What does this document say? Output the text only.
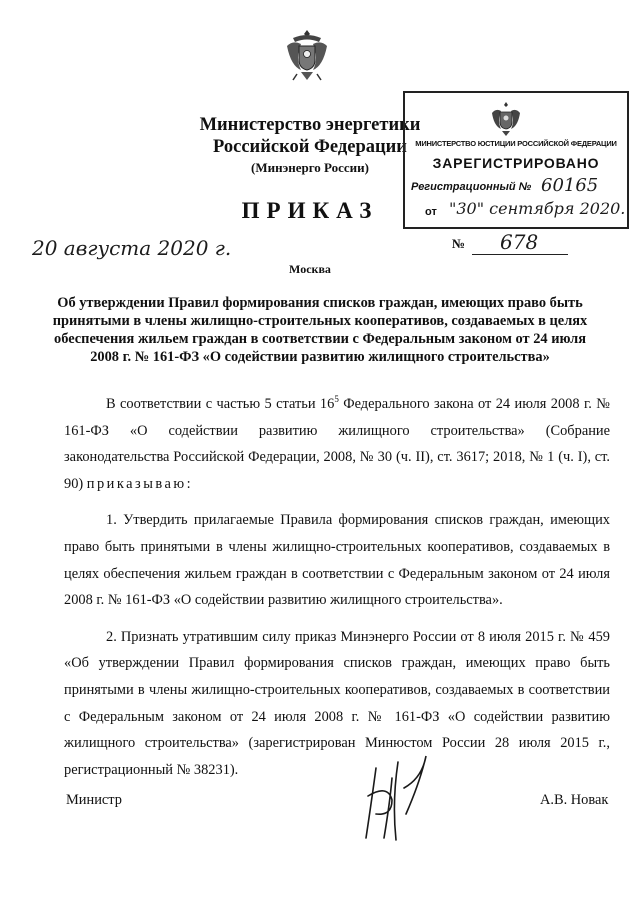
Министерство энергетики
Российской Федерации
(Минэнерго России)
ПРИКАЗ
20 августа 2020 г.
Москва
№ 678
МИНИСТЕРСТВО ЮСТИЦИИ РОССИЙСКОЙ ФЕДЕРАЦИИ
ЗАРЕГИСТРИРОВАНО
Регистрационный № 60165
от "30" сентября 2020.
Об утверждении Правил формирования списков граждан, имеющих право быть принятыми в члены жилищно-строительных кооперативов, создаваемых в целях обеспечения жильем граждан в соответствии с Федеральным законом от 24 июля 2008 г. № 161-ФЗ «О содействии развитию жилищного строительства»

В соответствии с частью 5 статьи $16^5$ Федерального закона от 24 июля 2008 г. № 161-ФЗ «О содействии развитию жилищного строительства» (Собрание законодательства Российской Федерации, 2008, № 30 (ч. II), ст. 3617; 2018, № 1 (ч. I), ст. 90) приказываю:

1. Утвердить прилагаемые Правила формирования списков граждан, имеющих право быть принятыми в члены жилищно-строительных кооперативов, создаваемых в целях обеспечения жильем граждан в соответствии с Федеральным законом от 24 июля 2008 г. № 161-ФЗ «О содействии развитию жилищного строительства».

2. Признать утратившим силу приказ Минэнерго России от 8 июля 2015 г. № 459 «Об утверждении Правил формирования списков граждан, имеющих право быть принятыми в члены жилищно-строительных кооперативов, создаваемых в соответствии с Федеральным законом от 24 июля 2008 г. № 161-ФЗ «О содействии развитию жилищного строительства» (зарегистрирован Минюстом России 28 июля 2015 г., регистрационный № 38231).

Министр	А.В. Новак
